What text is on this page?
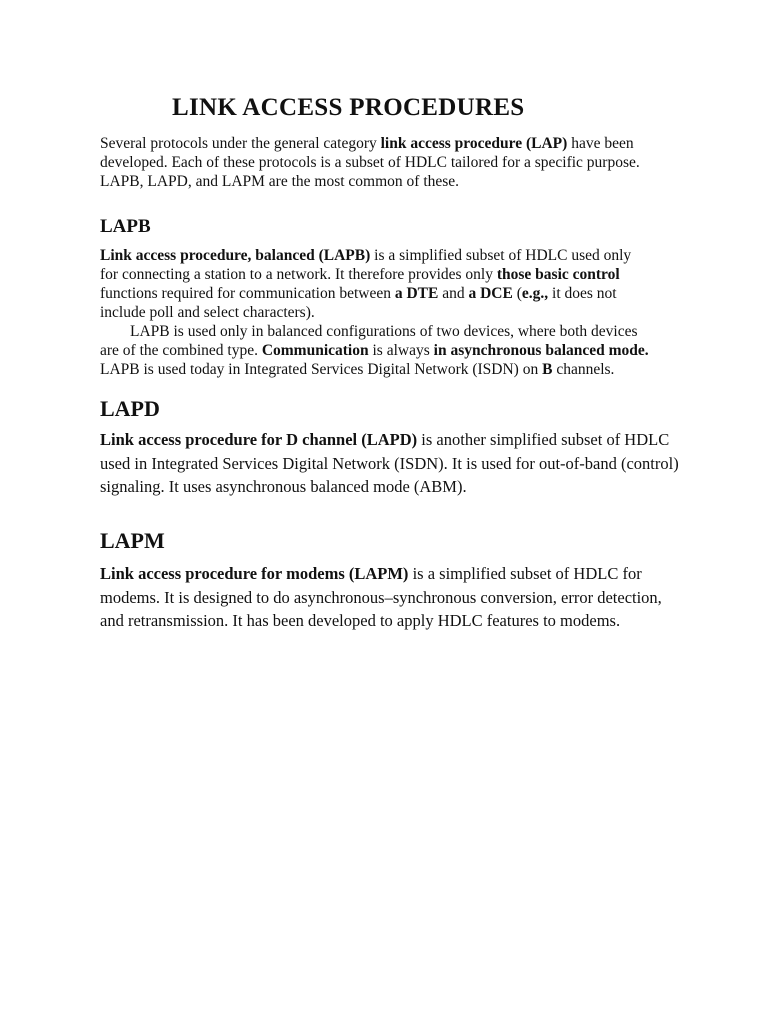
LINK ACCESS PROCEDURES

Several protocols under the general category link access procedure (LAP) have been
developed. Each of these protocols is a subset of HDLC tailored for a specific purpose.
LAPB, LAPD, and LAPM are the most common of these.

LAPB

Link access procedure, balanced (LAPB) is a simplified subset of HDLC used only
for connecting a station to a network. It therefore provides only those basic control
functions required for communication between a DTE and a DCE (e.g., it does not
include poll and select characters).

LAPB is used only in balanced configurations of two devices, where both devices
are of the combined type. Communication is always in asynchronous balanced mode.
LAPB is used today in Integrated Services Digital Network (ISDN) on B channels.

LAPD

Link access procedure for D channel (LAPD) is another simplified subset of HDLC
used in Integrated Services Digital Network (ISDN). It is used for out-of-band (control)
signaling. It uses asynchronous balanced mode (ABM).

LAPM

Link access procedure for modems (LAPM) is a simplified subset of HDLC for
modems. It is designed to do asynchronous–synchronous conversion, error detection,
and retransmission. It has been developed to apply HDLC features to modems.
